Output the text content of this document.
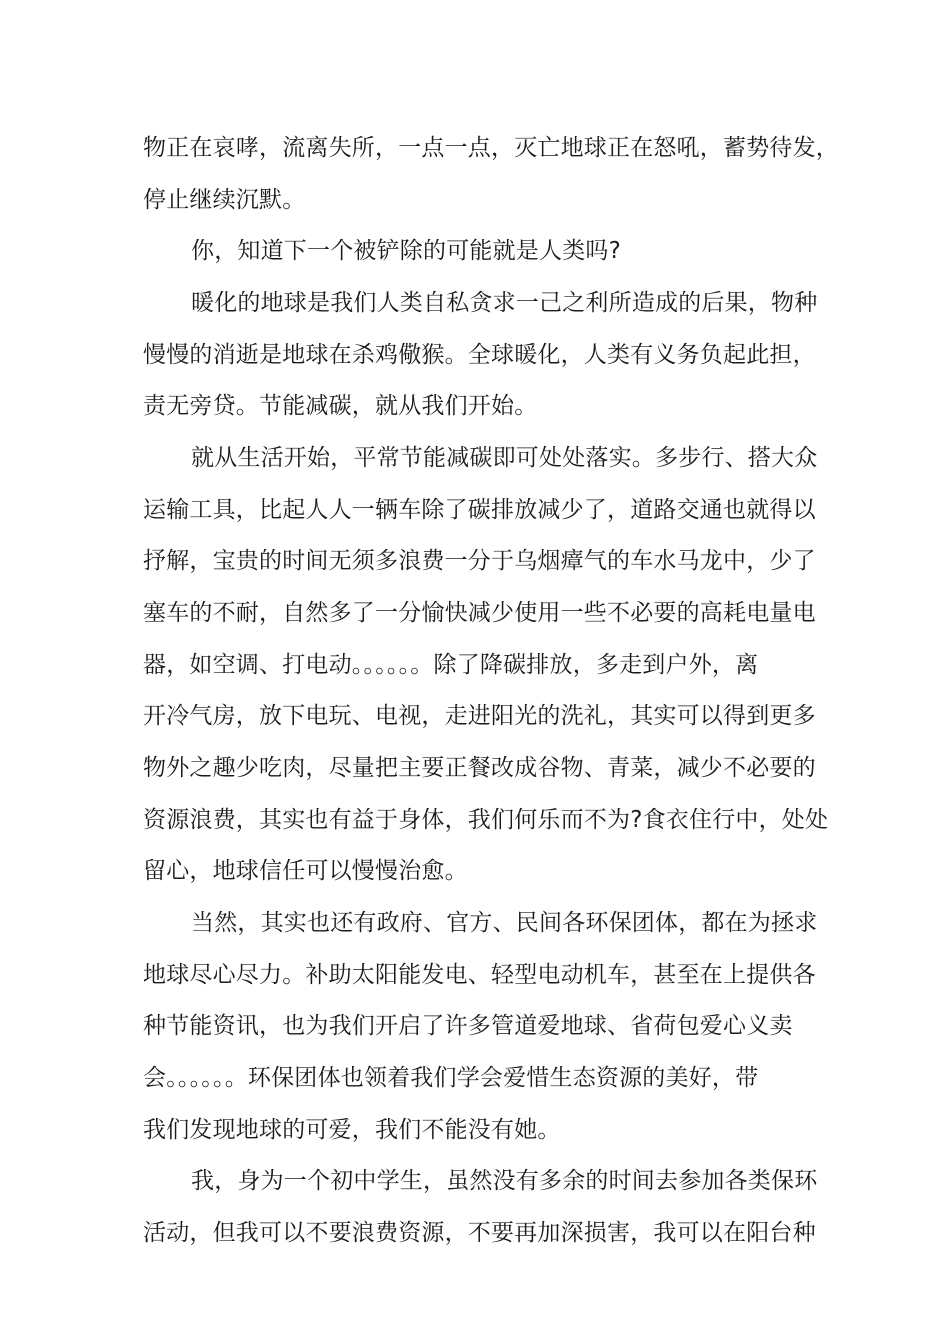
物正在哀哮，流离失所，一点一点，灭亡地球正在怒吼，蓄势待发，
停止继续沉默。
你，知道下一个被铲除的可能就是人类吗?
暖化的地球是我们人类自私贪求一己之利所造成的后果，物种
慢慢的消逝是地球在杀鸡儆猴。全球暖化，人类有义务负起此担，
责无旁贷。节能减碳，就从我们开始。
就从生活开始，平常节能减碳即可处处落实。多步行、搭大众
运输工具，比起人人一辆车除了碳排放减少了，道路交通也就得以
抒解，宝贵的时间无须多浪费一分于乌烟瘴气的车水马龙中，少了
塞车的不耐，自然多了一分愉快减少使用一些不必要的高耗电量电
器，如空调、打电动。。。。。。除了降碳排放，多走到户外，离
开冷气房，放下电玩、电视，走进阳光的洗礼，其实可以得到更多
物外之趣少吃肉，尽量把主要正餐改成谷物、青菜，减少不必要的
资源浪费，其实也有益于身体，我们何乐而不为?食衣住行中，处处
留心，地球信任可以慢慢治愈。
当然，其实也还有政府、官方、民间各环保团体，都在为拯求
地球尽心尽力。补助太阳能发电、轻型电动机车，甚至在上提供各
种节能资讯，也为我们开启了许多管道爱地球、省荷包爱心义卖
会。。。。。。环保团体也领着我们学会爱惜生态资源的美好，带
我们发现地球的可爱，我们不能没有她。
我，身为一个初中学生，虽然没有多余的时间去参加各类保环
活动，但我可以不要浪费资源，不要再加深损害，我可以在阳台种
